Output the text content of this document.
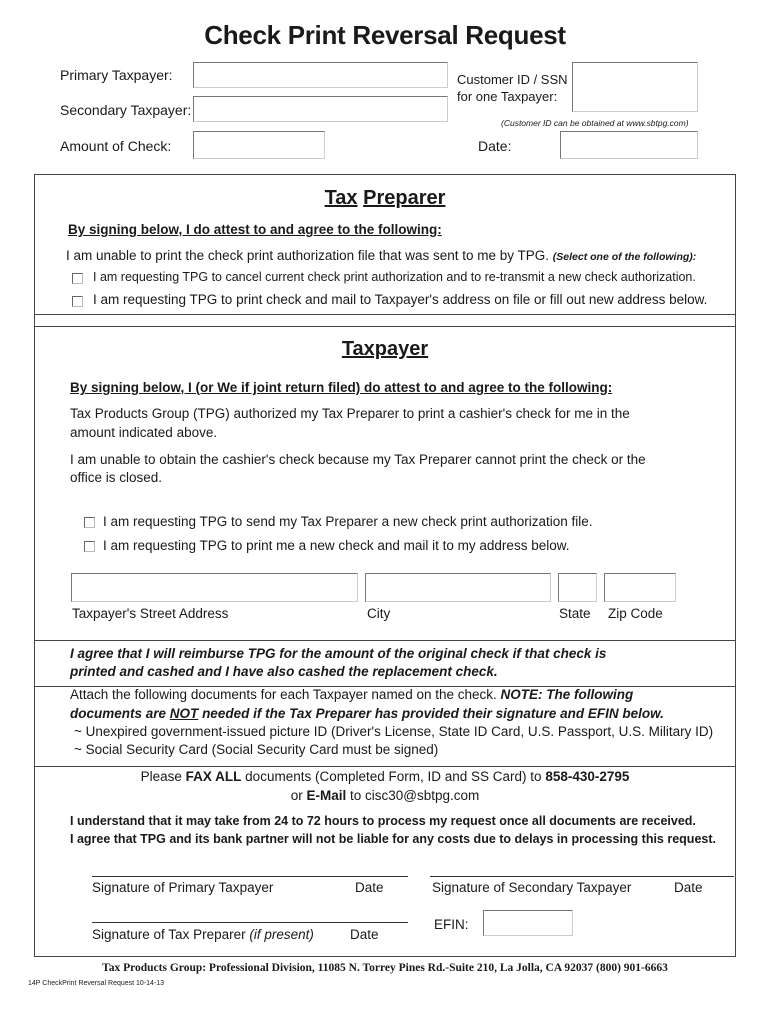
Check Print Reversal Request
Primary Taxpayer:
Secondary Taxpayer:
Amount of Check:
Customer ID / SSN
for one Taxpayer:
(Customer ID can be obtained at www.sbtpg.com)
Date:
Tax Preparer
By signing below, I do attest to and agree to the following:
I am unable to print the check print authorization file that was sent to me by TPG. (Select one of the following):
I am requesting TPG to cancel current check print authorization and to re-transmit a new check authorization.
I am requesting TPG to print check and mail to Taxpayer's address on file or fill out new address below.
Taxpayer
By signing below, I (or We if joint return filed) do attest to and agree to the following:
Tax Products Group (TPG) authorized my Tax Preparer to print a cashier's check for me in the
amount indicated above.
I am unable to obtain the cashier's check because my Tax Preparer cannot print the check or the
office is closed.
I am requesting TPG to send my Tax Preparer a new check print authorization file.
I am requesting TPG to print me a new check and mail it to my address below.
Taxpayer's Street Address	City	State Zip Code
I agree that I will reimburse TPG for the amount of the original check if that check is
printed and cashed and I have also cashed the replacement check.
Attach the following documents for each Taxpayer named on the check. NOTE: The following
documents are NOT needed if the Tax Preparer has provided their signature and EFIN below.
~ Unexpired government-issued picture ID (Driver's License, State ID Card, U.S. Passport, U.S. Military ID)
~ Social Security Card (Social Security Card must be signed)
Please FAX ALL documents (Completed Form, ID and SS Card) to 858-430-2795
or E-Mail to cisc30@sbtpg.com
I understand that it may take from 24 to 72 hours to process my request once all documents are received.
I agree that TPG and its bank partner will not be liable for any costs due to delays in processing this request.
Signature of Primary Taxpayer	Date	Signature of Secondary Taxpayer	Date
Signature of Tax Preparer (if present)	Date
EFIN:
Tax Products Group: Professional Division, 11085 N. Torrey Pines Rd.-Suite 210, La Jolla, CA 92037 (800) 901-6663
14P CheckPrint Reversal Request 10-14-13
